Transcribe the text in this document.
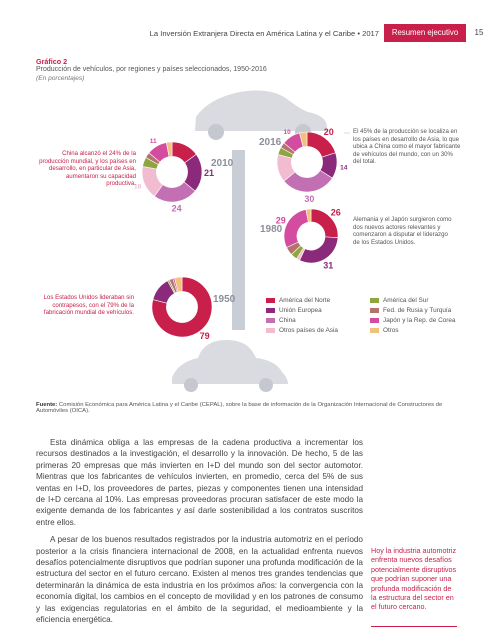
La Inversión Extranjera Directa en América Latina y el Caribe • 2017	Resumen ejecutivo	15
Gráfico 2
Producción de vehículos, por regiones y países seleccionados, 1950-2016
(En porcentajes)
21
24
18
11
20
14
30
10
26
31
29
79
2010
2016
1980
1950
China alcanzó el 24% de la producción mundial, y los países en desarrollo, en particular de Asia, aumentaron su capacidad productiva.
El 45% de la producción se localiza en los países en desarrollo de Asia, lo que ubica a China como el mayor fabricante de vehículos del mundo, con un 30% del total.
Alemania y el Japón surgieron como dos nuevos actores relevantes y comenzaron a disputar el liderazgo de los Estados Unidos.
Los Estados Unidos lideraban sin contrapesos, con el 79% de la fabricación mundial de vehículos.
América del Norte
Unión Europea
China
Otros países de Asia
América del Sur
Fed. de Rusia y Turquía
Japón y la Rep. de Corea
Otros
Fuente: Comisión Económica para América Latina y el Caribe (CEPAL), sobre la base de información de la Organización Internacional de Constructores de Automóviles (OICA).

Esta dinámica obliga a las empresas de la cadena productiva a incrementar los recursos destinados a la investigación, el desarrollo y la innovación. De hecho, 5 de las primeras 20 empresas que más invierten en I+D del mundo son del sector automotor. Mientras que los fabricantes de vehículos invierten, en promedio, cerca del 5% de sus ventas en I+D, los proveedores de partes, piezas y componentes tienen una intensidad de I+D cercana al 10%. Las empresas proveedoras procuran satisfacer de este modo la exigente demanda de los fabricantes y así darle sostenibilidad a los contratos suscritos entre ellos.

A pesar de los buenos resultados registrados por la industria automotriz en el período posterior a la crisis financiera internacional de 2008, en la actualidad enfrenta nuevos desafíos potencialmente disruptivos que podrían suponer una profunda modificación de la estructura del sector en el futuro cercano. Existen al menos tres grandes tendencias que determinarán la dinámica de esta industria en los próximos años: la convergencia con la economía digital, los cambios en el concepto de movilidad y en los patrones de consumo y las exigencias regulatorias en el ámbito de la seguridad, el medioambiente y la eficiencia energética.

Hoy la industria automotriz enfrenta nuevos desafíos potencialmente disruptivos que podrían suponer una profunda modificación de la estructura del sector en el futuro cercano.
